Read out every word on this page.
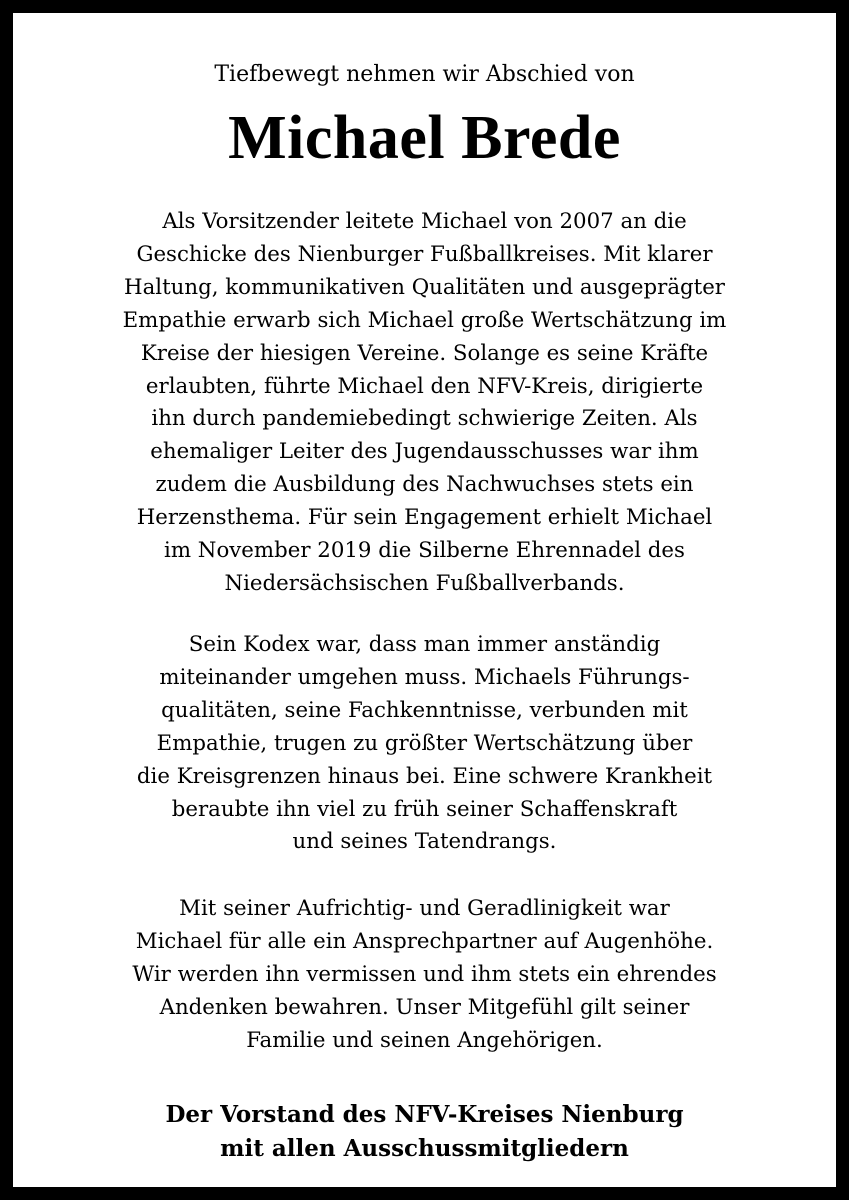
Tiefbewegt nehmen wir Abschied von

Michael Brede

Als Vorsitzender leitete Michael von 2007 an die
Geschicke des Nienburger Fußballkreises. Mit klarer
Haltung, kommunikativen Qualitäten und ausgeprägter
Empathie erwarb sich Michael große Wertschätzung im
Kreise der hiesigen Vereine. Solange es seine Kräfte
erlaubten, führte Michael den NFV-Kreis, dirigierte
ihn durch pandemiebedingt schwierige Zeiten. Als
ehemaliger Leiter des Jugendausschusses war ihm
zudem die Ausbildung des Nachwuchses stets ein
Herzensthema. Für sein Engagement erhielt Michael
im November 2019 die Silberne Ehrennadel des
Niedersächsischen Fußballverbands.

Sein Kodex war, dass man immer anständig
miteinander umgehen muss. Michaels Führungs-
qualitäten, seine Fachkenntnisse, verbunden mit
Empathie, trugen zu größter Wertschätzung über
die Kreisgrenzen hinaus bei. Eine schwere Krankheit
beraubte ihn viel zu früh seiner Schaffenskraft
und seines Tatendrangs.

Mit seiner Aufrichtig- und Geradlinigkeit war
Michael für alle ein Ansprechpartner auf Augenhöhe.
Wir werden ihn vermissen und ihm stets ein ehrendes
Andenken bewahren. Unser Mitgefühl gilt seiner
Familie und seinen Angehörigen.

Der Vorstand des NFV-Kreises Nienburg
mit allen Ausschussmitgliedern
